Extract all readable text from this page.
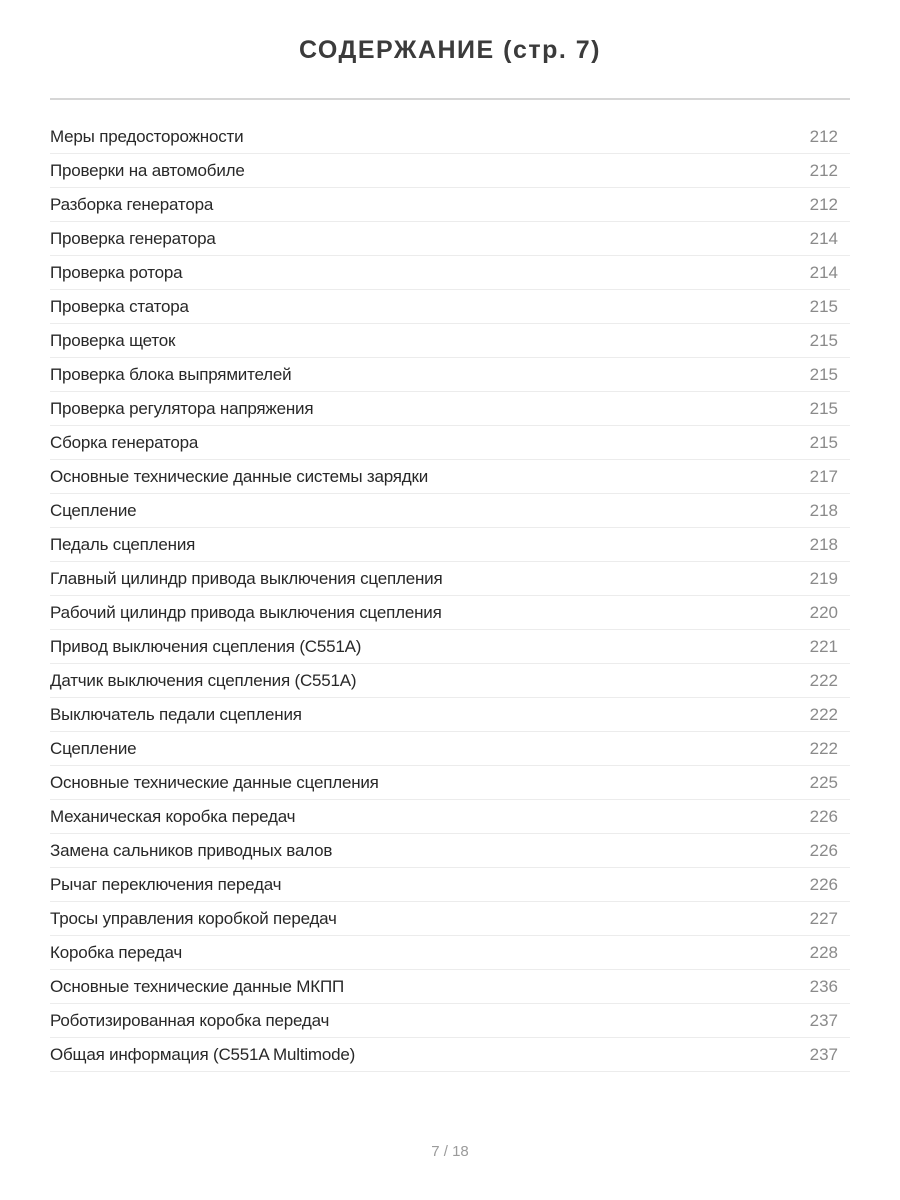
СОДЕРЖАНИЕ (стр. 7)
Меры предосторожности	212
Проверки на автомобиле	212
Разборка генератора	212
Проверка генератора	214
Проверка ротора	214
Проверка статора	215
Проверка щеток	215
Проверка блока выпрямителей	215
Проверка регулятора напряжения	215
Сборка генератора	215
Основные технические данные системы зарядки	217
Сцепление	218
Педаль сцепления	218
Главный цилиндр привода выключения сцепления	219
Рабочий цилиндр привода выключения сцепления	220
Привод выключения сцепления (C551A)	221
Датчик выключения сцепления (C551A)	222
Выключатель педали сцепления	222
Сцепление	222
Основные технические данные сцепления	225
Механическая коробка передач	226
Замена сальников приводных валов	226
Рычаг переключения передач	226
Тросы управления коробкой передач	227
Коробка передач	228
Основные технические данные МКПП	236
Роботизированная коробка передач	237
Общая информация (C551A Multimode)	237
7 / 18
